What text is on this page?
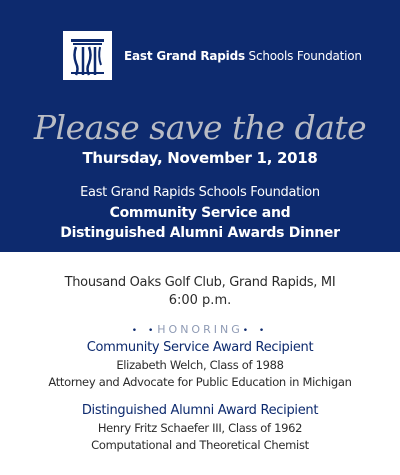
East Grand Rapids Schools Foundation
Please save the date
Thursday, November 1, 2018
East Grand Rapids Schools Foundation
Community Service and
Distinguished Alumni Awards Dinner
Thousand Oaks Golf Club, Grand Rapids, MI
6:00 p.m.
• •HONORING• •
Community Service Award Recipient
Elizabeth Welch, Class of 1988
Attorney and Advocate for Public Education in Michigan
Distinguished Alumni Award Recipient
Henry Fritz Schaefer III, Class of 1962
Computational and Theoretical Chemist
